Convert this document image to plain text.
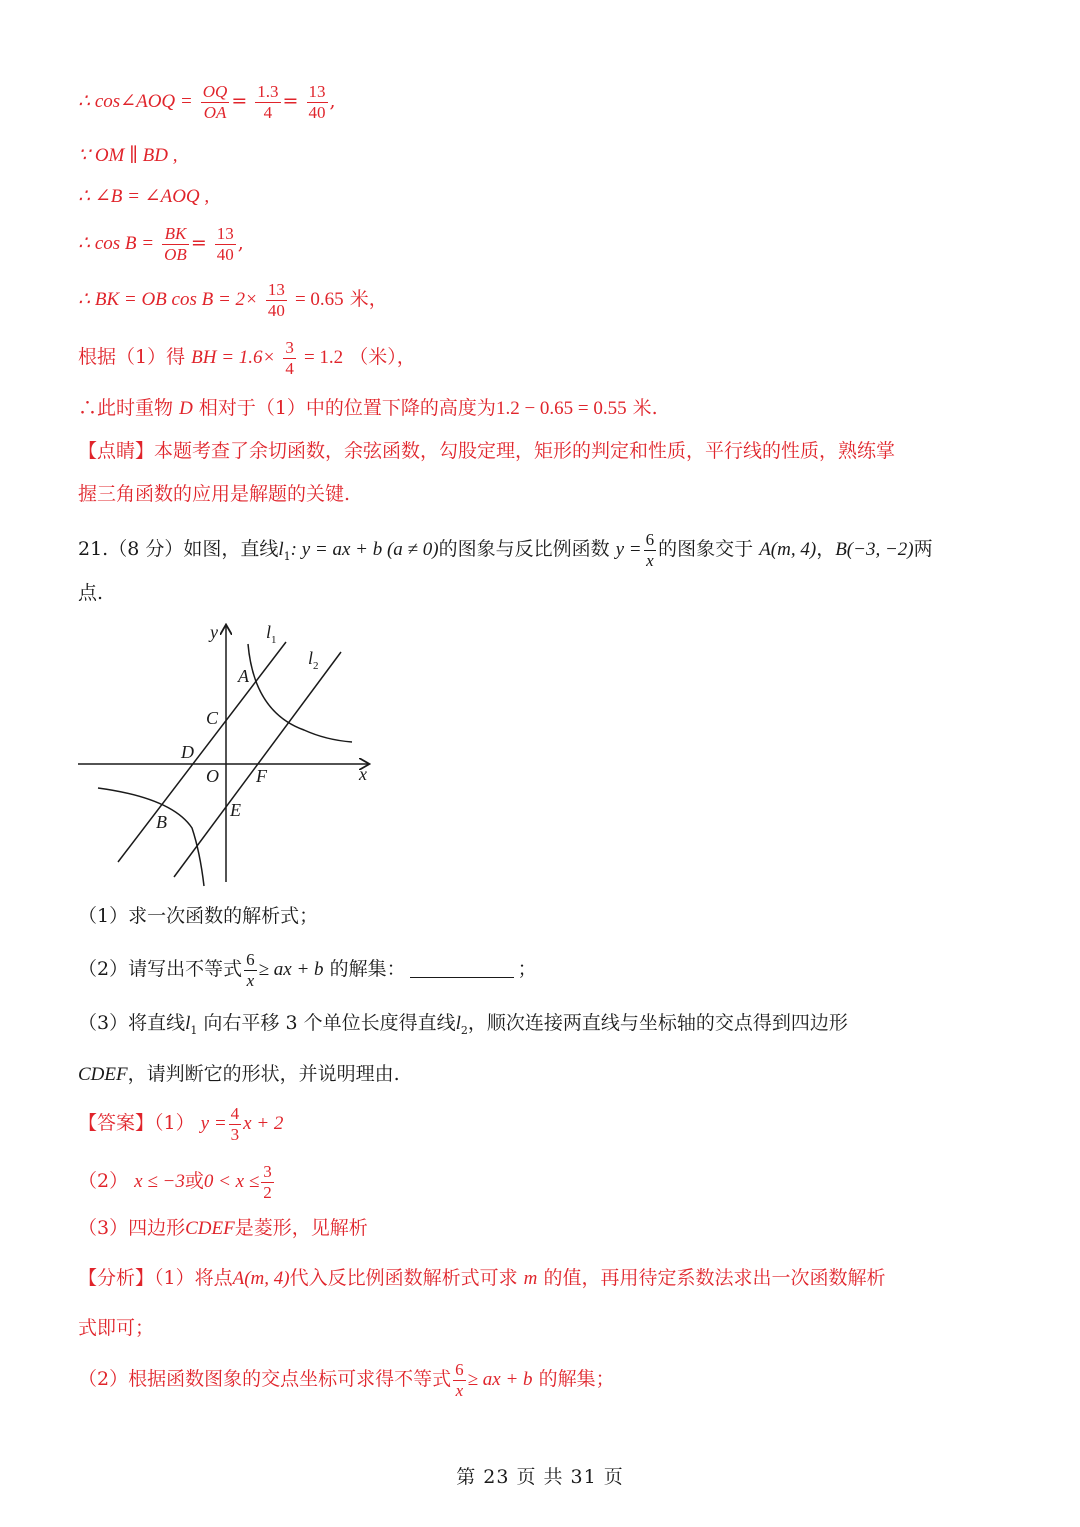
∴ cos∠AOQ = $\frac{OQ}{OA} = \frac{1.3}{4} = \frac{13}{40}$ ,
∵ OM ∥ BD ,
∴ ∠B = ∠AOQ ,
∴ $\cos B = \frac{BK}{OB} = \frac{13}{40}$ ,
∴ BK = OB $\cos B = 2\times \frac{13}{40} = 0.65$ 米，
根据（1）得 BH = $1.6\times \frac{3}{4} = 1.2$ （米），
∴此时重物 D 相对于（1）中的位置下降的高度为1.2 − 0.65 = 0.55 米.
【点睛】本题考查了余切函数，余弦函数，勾股定理，矩形的判定和性质，平行线的性质，熟练掌
握三角函数的应用是解题的关键.
21.（8 分）如图，直线$l_1$: y = ax + b (a ≠ 0)的图象与反比例函数 $y = \frac{6}{x}$ 的图象交于 A(m, 4)，B(−3, −2)两
点.
y
x
$l_1$
$l_2$
A
C
D
O F
E
B
（1）求一次函数的解析式；
（2）请写出不等式 $\frac{6}{x}$ ≥ ax + b 的解集：	；
（3）将直线$l_1$ 向右平移 3 个单位长度得直线$l_2$，顺次连接两直线与坐标轴的交点得到四边形
CDEF，请判断它的形状，并说明理由.
【答案】（1） $y = \frac{4}{3}$ x + 2
（2） x ≤ −3或$0 < x \le \frac{3}{2}$
（3）四边形CDEF是菱形，见解析
【分析】（1）将点A(m, 4)代入反比例函数解析式可求 m 的值，再用待定系数法求出一次函数解析
式即可；
（2）根据函数图象的交点坐标可求得不等式 $\frac{6}{x}$ ≥ ax + b 的解集；
第 23 页 共 31 页
